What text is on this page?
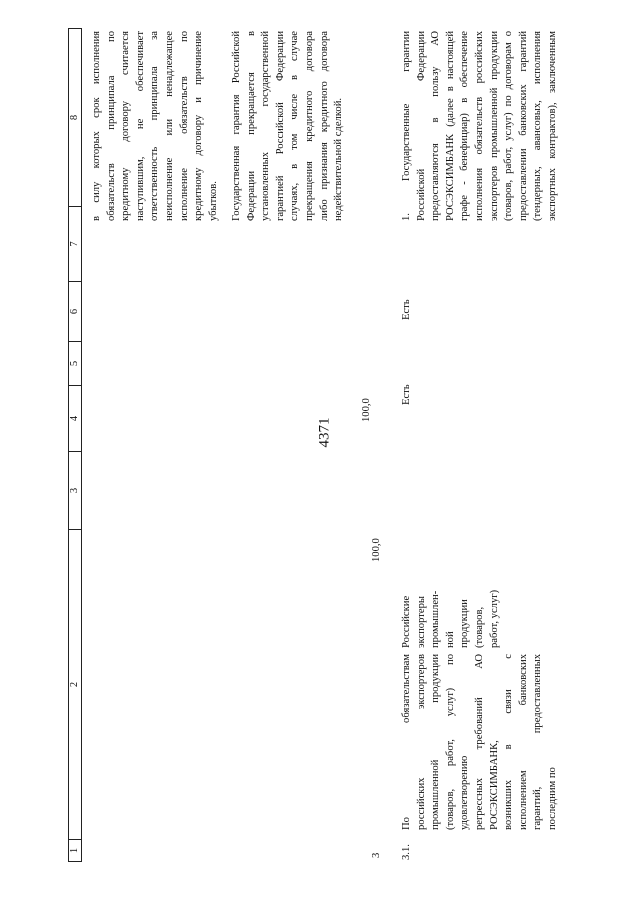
4371
1
2
3
4
5
6
7
8 в силу которых срок исполнения обязательств принципала по кредитному договору считается наступившим, не обеспечивает ответственность принципала за неисполнение или ненадлежащее исполнение обязательств по кредитному договору и причинение убытков. Государственная гарантия Российской Федерации прекращается в установленных государственной гарантией Российской Федерации случаях, в том числе в случае прекращения кредитного договора либо признания кредитного договора недействительной сделкой.
3 3.1.
По обязательствам российских экспортеров промышленной продукции (товаров, работ, услуг) по удовлетворению регрессных требований АО РОСЭКСИМБАНК, возникших в связи с исполнением банковских гарантий, предоставленных последним по
Российские экспортеры промышлен- ной продукции (товаров, работ, услуг)
100,0
100,0
Есть
Есть
1. Государственные гарантии Российской Федерации предоставляются в пользу АО РОСЭКСИМБАНК (далее в настоящей графе - бенефициар) в обеспечение исполнения обязательств российских экспортеров промышленной продукции (товаров, работ, услуг) по договорам о предоставлении банковских гарантий (тендерных, авансовых, исполнения экспортных контрактов), заключенным
